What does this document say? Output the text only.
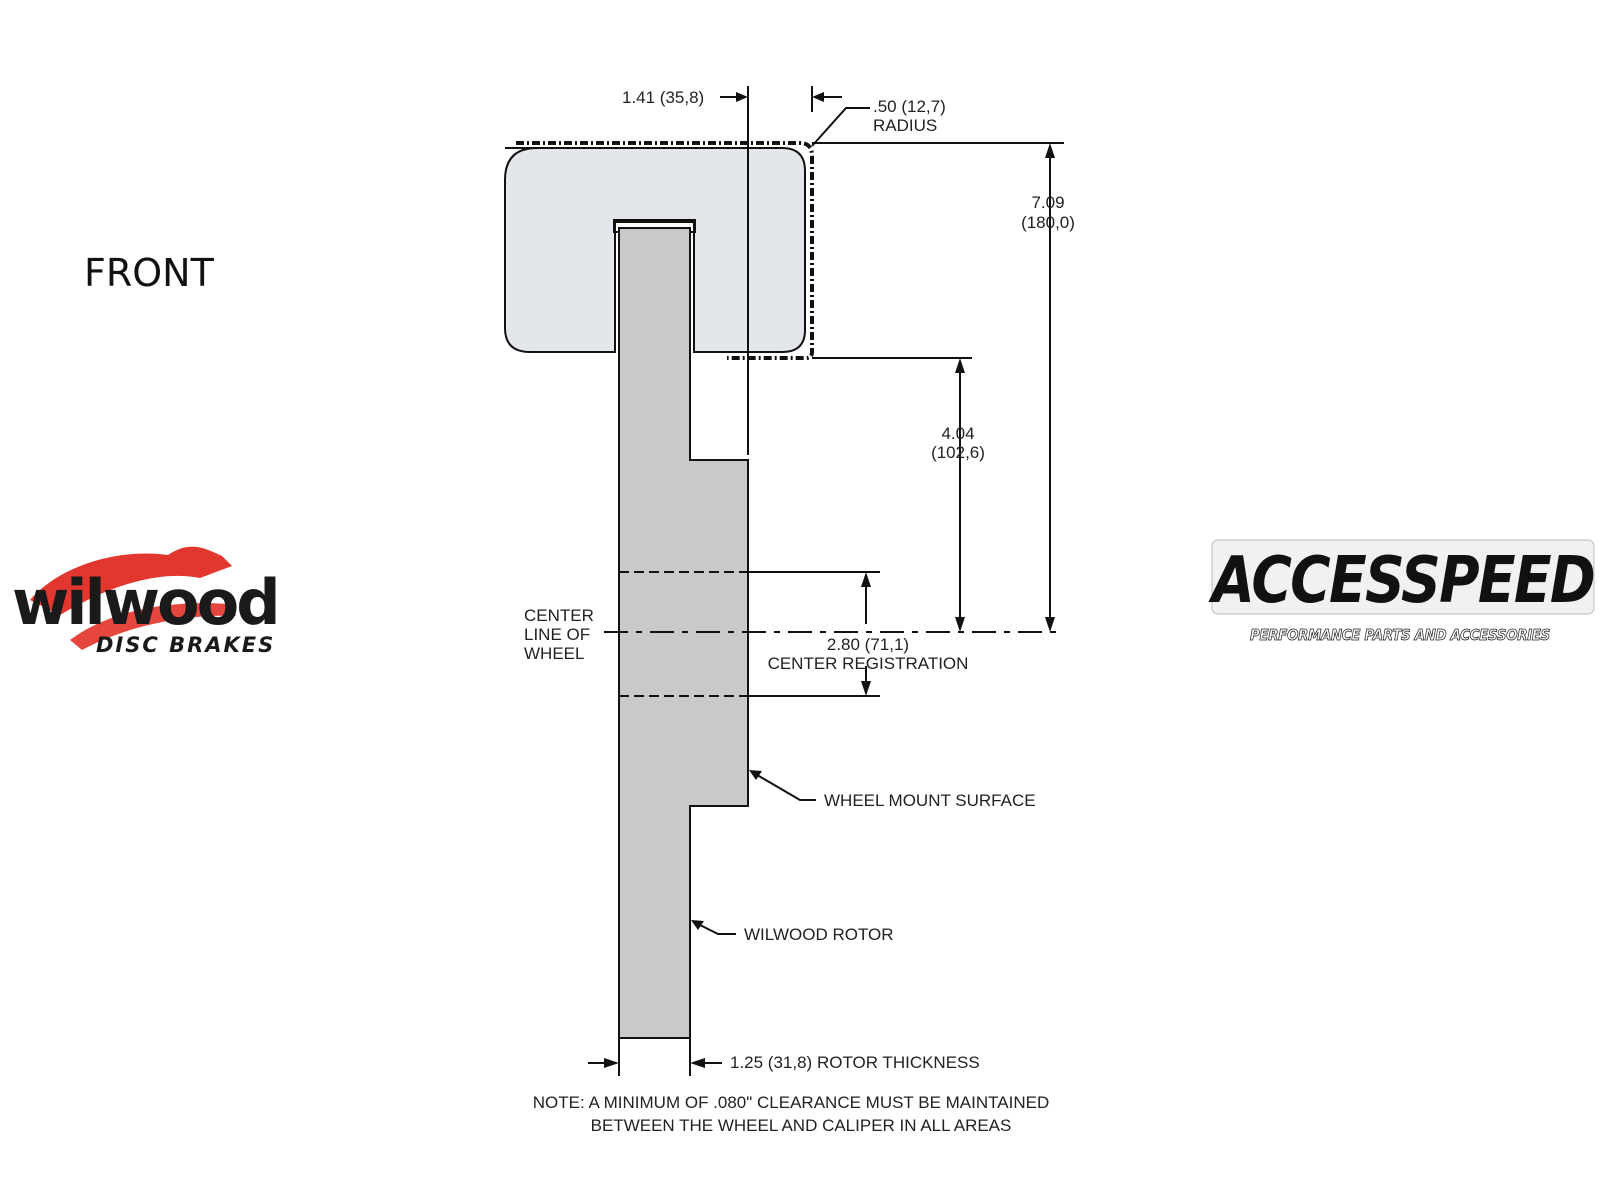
FRONT
1.41 (35,8)	.50 (12,7)
RADIUS
7.09
(180,0)
4.04
(102,6)
CENTER
LINE OF
WHEEL	2.80 (71,1)
CENTER REGISTRATION
WHEEL MOUNT SURFACE
WILWOOD ROTOR
1.25 (31,8) ROTOR THICKNESS
NOTE: A MINIMUM OF .080" CLEARANCE MUST BE MAINTAINED
BETWEEN THE WHEEL AND CALIPER IN ALL AREAS
wilwood
DISC BRAKES
ACCESSPEED
PERFORMANCE PARTS AND ACCESSORIES
